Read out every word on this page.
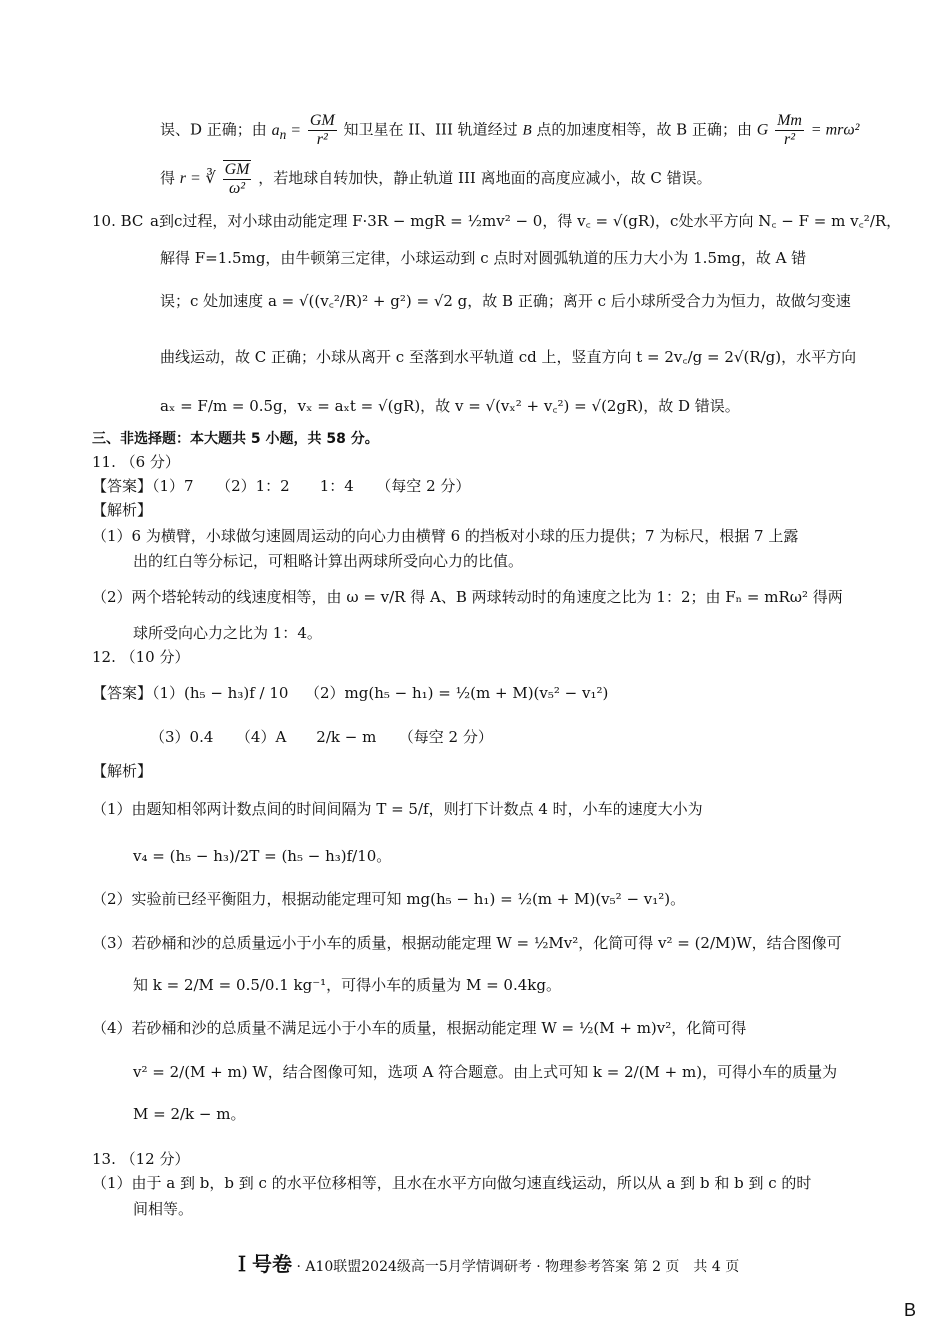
误、D 正确；由 $a_n = \frac{GM}{\text{r²}}$ 知卫星在 II、III 轨道经过 B 点的加速度相等，故 B 正确；由 G $\frac{Mm}{\text{r²}} = mr\omega^2$
得 r = ∛ $\frac{GM}{\text{ω²}}$ ，若地球自转加快，静止轨道 III 离地面的高度应减小，故 C 错误。
10. BC a到c过程，对小球由动能定理 F·3R − mgR = ½mv² − 0，得 v꜀ = √(gR)，c处水平方向 N꜀ − F = m v꜀²/R，
解得 F=1.5mg，由牛顿第三定律，小球运动到 c 点时对圆弧轨道的压力大小为 1.5mg，故 A 错
误；c 处加速度 a = √((v꜀²/R)² + g²) = √2 g，故 B 正确；离开 c 后小球所受合力为恒力，故做匀变速
曲线运动，故 C 正确；小球从离开 c 至落到水平轨道 cd 上，竖直方向 t = 2v꜀/g = 2√(R/g)，水平方向
aₓ = F/m = 0.5g，vₓ = aₓt = √(gR)，故 v = √(vₓ² + v꜀²) = √(2gR)，故 D 错误。
三、非选择题：本大题共 5 小题，共 58 分。
11. （6 分）
【答案】（1）7　　（2）1：2　　1：4　　（每空 2 分）
【解析】
（1）6 为横臂，小球做匀速圆周运动的向心力由横臂 6 的挡板对小球的压力提供；7 为标尺，根据 7 上露
出的红白等分标记，可粗略计算出两球所受向心力的比值。
（2）两个塔轮转动的线速度相等，由 ω = v/R 得 A、B 两球转动时的角速度之比为 1：2；由 Fₙ = mRω² 得两
球所受向心力之比为 1：4。
12. （10 分）
【答案】（1）(h₅ − h₃)f / 10 （2）mg(h₅ − h₁) = ½(m + M)(v₅² − v₁²)
（3）0.4　　（4）A　　2/k − m　　（每空 2 分）
【解析】
（1）由题知相邻两计数点间的时间间隔为 T = 5/f，则打下计数点 4 时，小车的速度大小为
v₄ = (h₅ − h₃)/2T = (h₅ − h₃)f/10。
（2）实验前已经平衡阻力，根据动能定理可知 mg(h₅ − h₁) = ½(m + M)(v₅² − v₁²)。
（3）若砂桶和沙的总质量远小于小车的质量，根据动能定理 W = ½Mv²，化简可得 v² = (2/M)W，结合图像可
知 k = 2/M = 0.5/0.1 kg⁻¹，可得小车的质量为 M = 0.4kg。
（4）若砂桶和沙的总质量不满足远小于小车的质量，根据动能定理 W = ½(M + m)v²，化简可得
v² = 2/(M + m) W，结合图像可知，选项 A 符合题意。由上式可知 k = 2/(M + m)，可得小车的质量为
M = 2/k − m。
13. （12 分）
（1）由于 a 到 b，b 到 c 的水平位移相等，且水在水平方向做匀速直线运动，所以从 a 到 b 和 b 到 c 的时
间相等。
Ｉ号卷 · A10联盟2024级高一5月学情调研考 · 物理参考答案 第 2 页　共 4 页
B
